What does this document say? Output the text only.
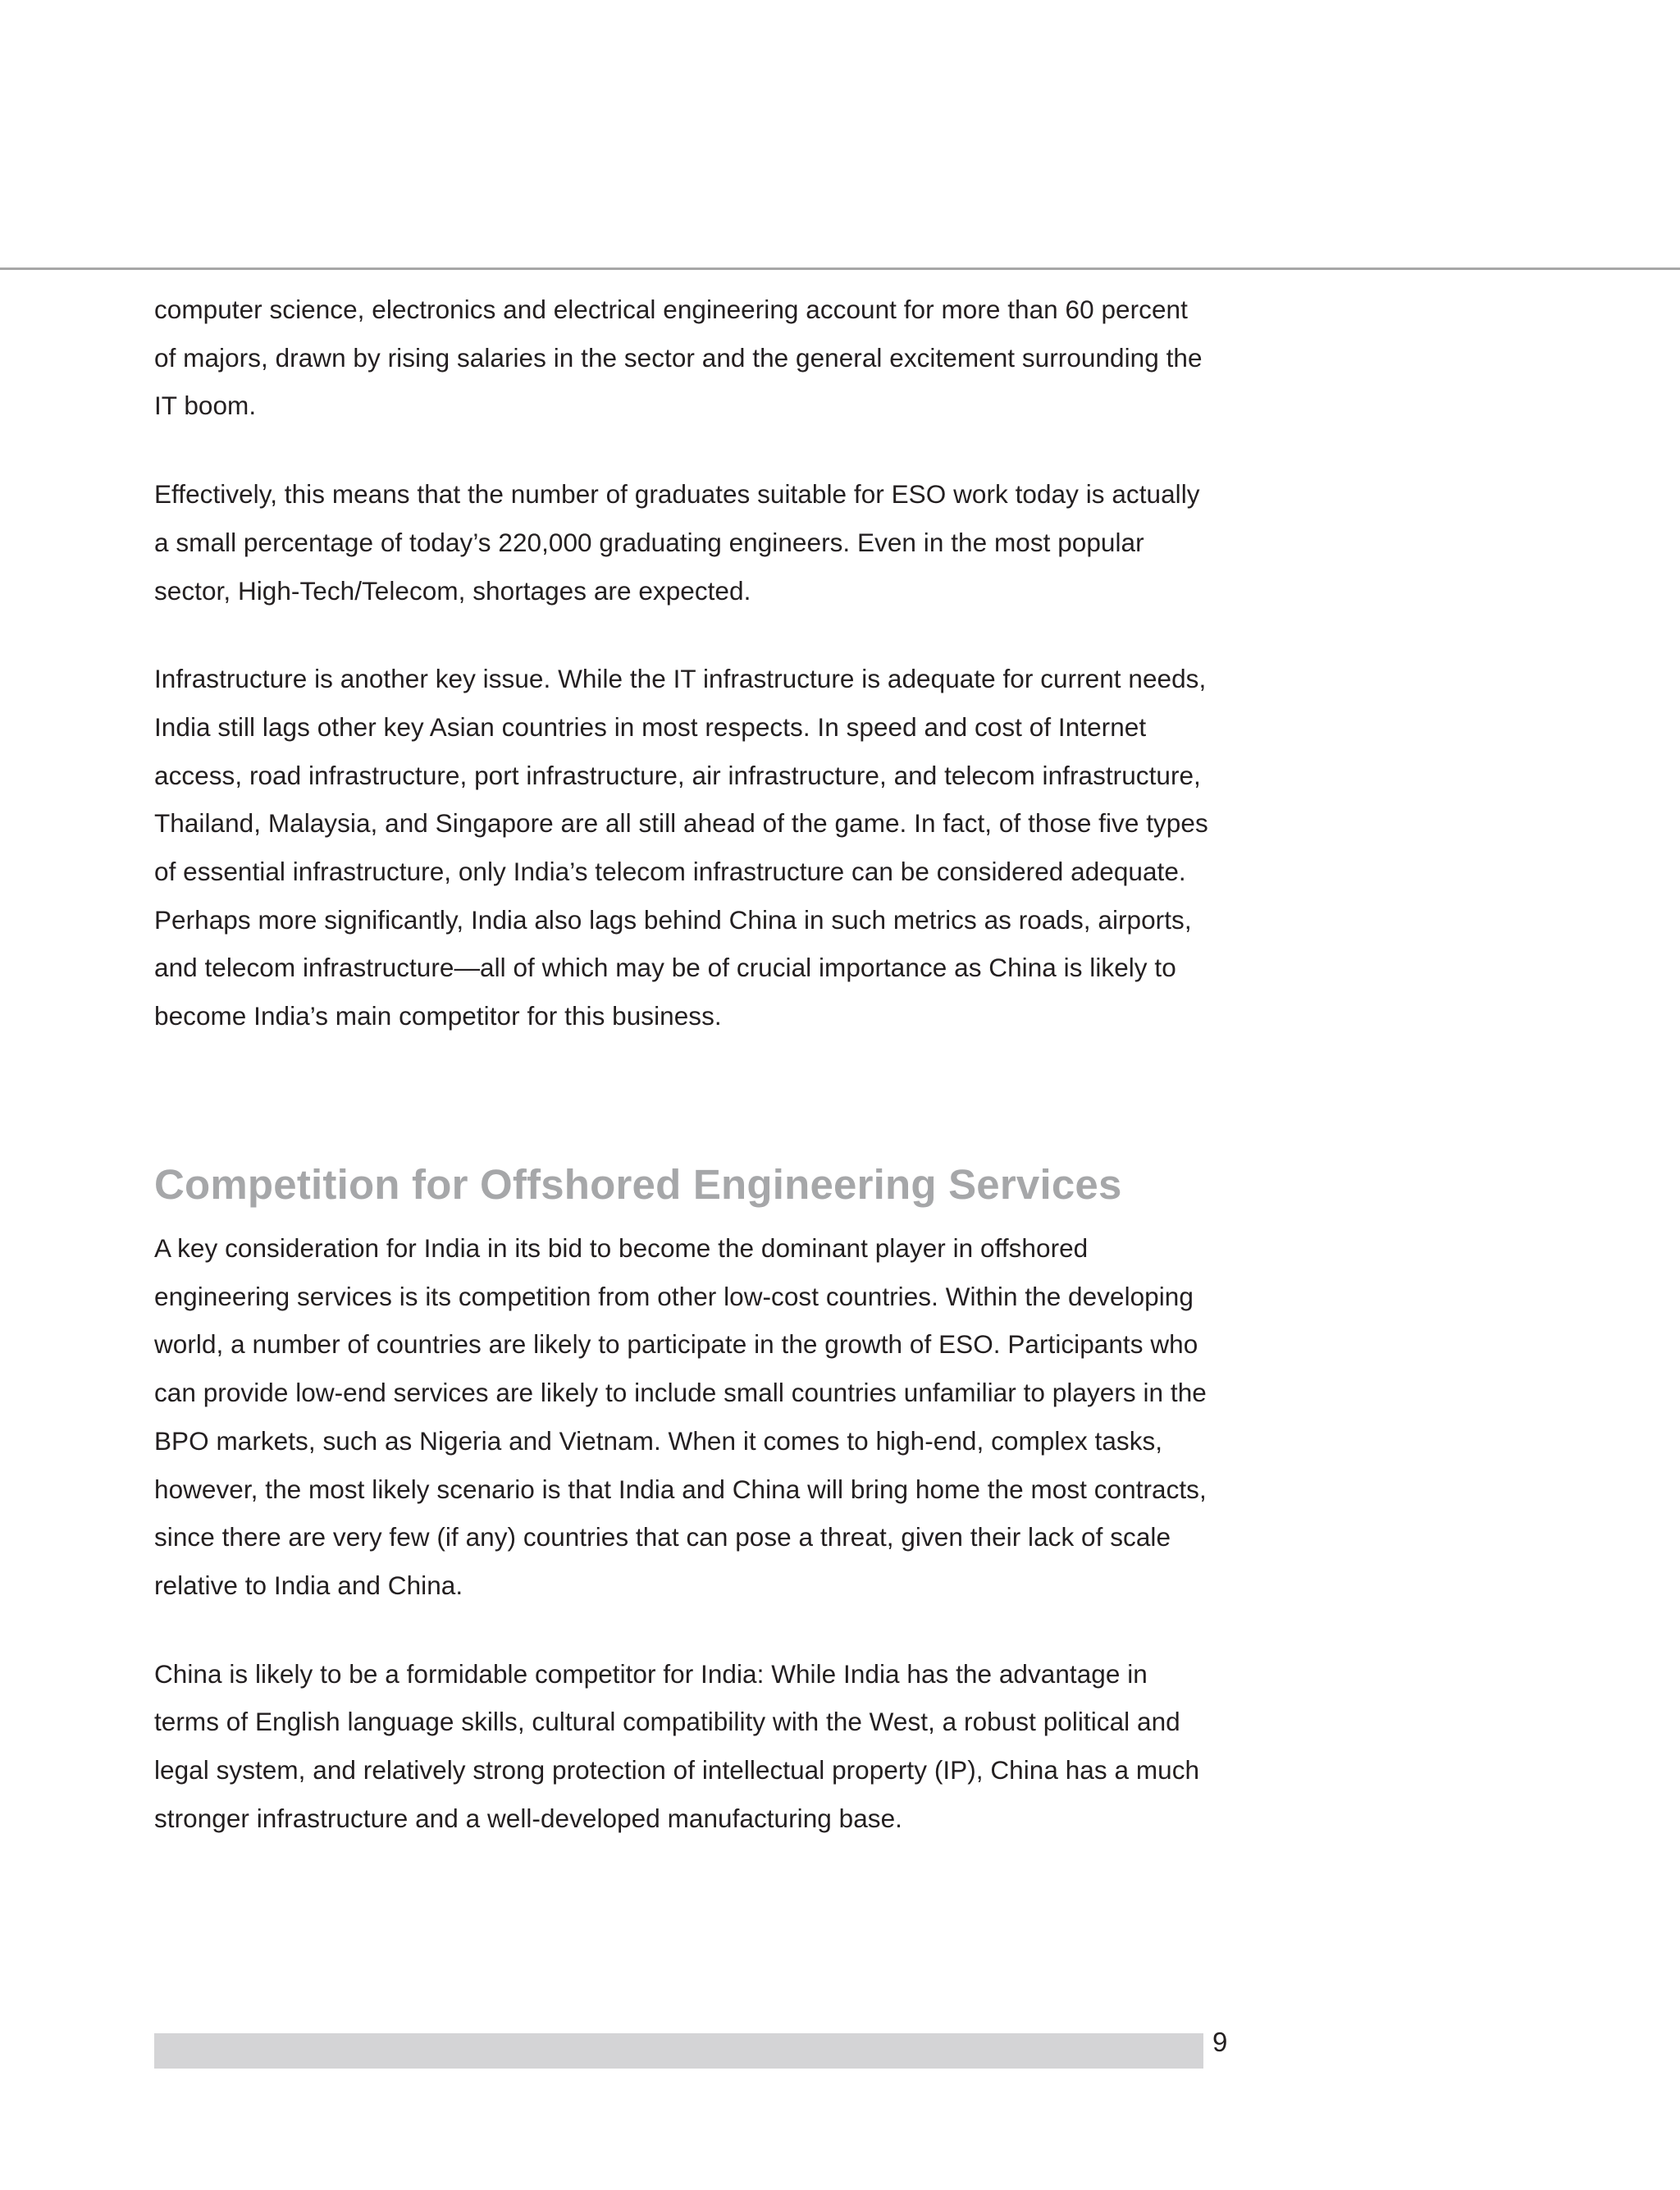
computer science, electronics and electrical engineering account for more than 60 percent of majors, drawn by rising salaries in the sector and the general excitement surrounding the IT boom.

Effectively, this means that the number of graduates suitable for ESO work today is actually a small percentage of today’s 220,000 graduating engineers. Even in the most popular sector, High-Tech/Telecom, shortages are expected.

Infrastructure is another key issue. While the IT infrastructure is adequate for current needs, India still lags other key Asian countries in most respects. In speed and cost of Internet access, road infrastructure, port infrastructure, air infrastructure, and telecom infrastructure, Thailand, Malaysia, and Singapore are all still ahead of the game. In fact, of those five types of essential infrastructure, only India’s telecom infrastructure can be considered adequate. Perhaps more significantly, India also lags behind China in such metrics as roads, airports, and telecom infrastructure—all of which may be of crucial importance as China is likely to become India’s main competitor for this business.

Competition for Offshored Engineering Services

A key consideration for India in its bid to become the dominant player in offshored engineering services is its competition from other low-cost countries. Within the developing world, a number of countries are likely to participate in the growth of ESO. Participants who can provide low-end services are likely to include small countries unfamiliar to players in the BPO markets, such as Nigeria and Vietnam. When it comes to high-end, complex tasks, however, the most likely scenario is that India and China will bring home the most contracts, since there are very few (if any) countries that can pose a threat, given their lack of scale relative to India and China.

China is likely to be a formidable competitor for India: While India has the advantage in terms of English language skills, cultural compatibility with the West, a robust political and legal system, and relatively strong protection of intellectual property (IP), China has a much stronger infrastructure and a well-developed manufacturing base.

9
